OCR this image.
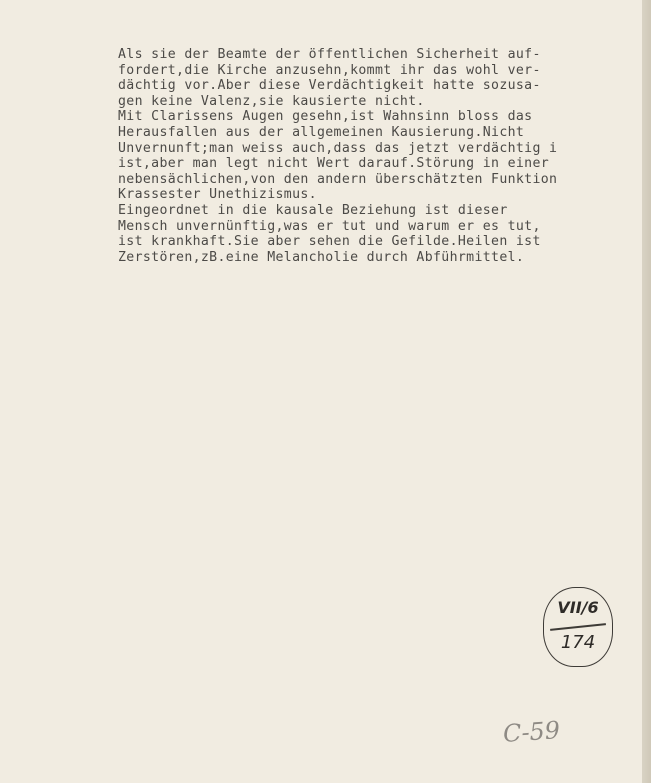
Als sie der Beamte der öffentlichen Sicherheit auf-
fordert,die Kirche anzusehn,kommt ihr das wohl ver-
dächtig vor.Aber diese Verdächtigkeit hatte sozusa-
gen keine Valenz,sie kausierte nicht.
Mit Clarissens Augen gesehn,ist Wahnsinn bloss das
Herausfallen aus der allgemeinen Kausierung.Nicht
Unvernunft;man weiss auch,dass das jetzt verdächtig i
ist,aber man legt nicht Wert darauf.Störung in einer
nebensächlichen,von den andern überschätzten Funktion
Krassester Unethizismus.
Eingeordnet in die kausale Beziehung ist dieser
Mensch unvernünftig,was er tut und warum er es tut,
ist krankhaft.Sie aber sehen die Gefilde.Heilen ist
Zerstören,zB.eine Melancholie durch Abführmittel.
VII/6
174
C-59
